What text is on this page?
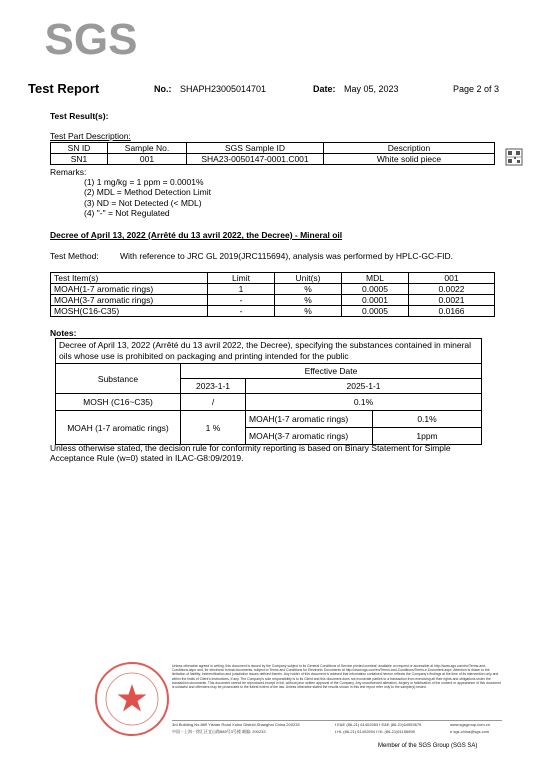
SGS
Test Report	No.: SHAPH23005014701	Date: May 05, 2023	Page 2 of 3
Test Result(s):
Test Part Description:
SN ID	Sample No.	SGS Sample ID	Description
SN1	001	SHA23-0050147-0001.C001	White solid piece
Remarks:
(1) 1 mg/kg = 1 ppm = 0.0001%
(2) MDL = Method Detection Limit
(3) ND = Not Detected (< MDL)
(4) "-" = Not Regulated
Decree of April 13, 2022 (Arrêté du 13 avril 2022, the Decree) - Mineral oil
Test Method:	With reference to JRC GL 2019(JRC115694), analysis was performed by HPLC-GC-FID.
Test Item(s)	Limit	Unit(s)	MDL	001
MOAH(1-7 aromatic rings)	1	%	0.0005	0.0022
MOAH(3-7 aromatic rings)	-	%	0.0001	0.0021
MOSH(C16-C35)	-	%	0.0005	0.0166
Notes:
Decree of April 13, 2022 (Arrêté du 13 avril 2022, the Decree), specifying the substances contained in mineral oils whose use is prohibited on packaging and printing intended for the public			
Substance	Effective Date		
	2023-1-1	2025-1-1	
MOSH (C16~C35)	/	0.1%	
MOAH (1-7 aromatic rings)	1 %	MOAH(1-7 aromatic rings)	0.1%
		MOAH(3-7 aromatic rings)	1ppm
Unless otherwise stated, the decision rule for conformity reporting is based on Binary Statement for Simple Acceptance Rule (w=0) stated in ILAC-G8:09/2019.
Unless otherwise agreed in writing, this document is issued by the Company subject to its General Conditions of Service printed overleaf, available on request or accessible at http://www.sgs.com/en/Terms-and-Conditions.aspx and, for electronic format documents, subject to Terms and Conditions for Electronic Documents at http://www.sgs.com/en/Terms-and-Conditions/Terms-e-Document.aspx. Attention is drawn to the limitation of liability, indemnification and jurisdiction issues defined therein. Any holder of this document is advised that information contained hereon reflects the Company's findings at the time of its intervention only and within the limits of Client's instructions, if any. The Company's sole responsibility is to its Client and this document does not exonerate parties to a transaction from exercising all their rights and obligations under the transaction documents. This document cannot be reproduced except in full, without prior written approval of the Company. Any unauthorized alteration, forgery or falsification of the content or appearance of this document is unlawful and offenders may be prosecuted to the fullest extent of the law. Unless otherwise stated the results shown in this test report refer only to the sample(s) tested.
3rd Building,No.889 Yishan Road Xuhui District,Shanghai China 200233
中国・上海・徐汇区宜山路889号3号楼 邮编: 200233
t E&E (86-21) 61402553 f E&E (86-21)64953679
t HL (86-21) 61402594 f HL (86-21)61156899
www.sgsgroup.com.cn
e sgs.china@sgs.com
Member of the SGS Group (SGS SA)
